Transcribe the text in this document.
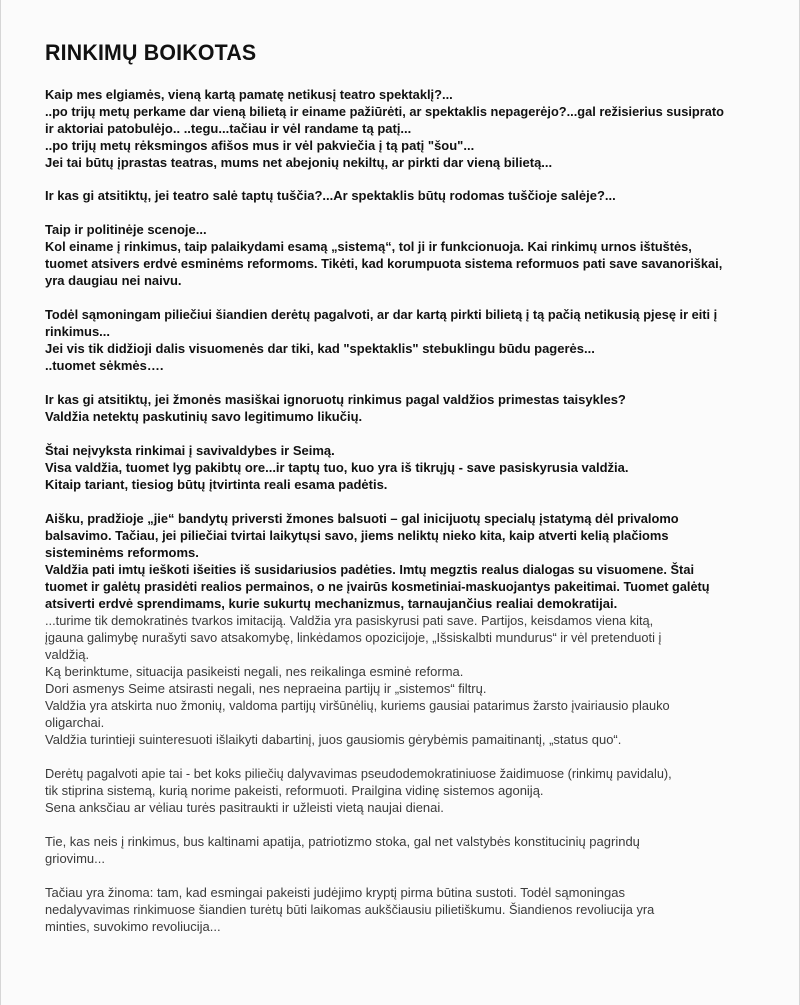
RINKIMŲ BOIKOTAS
Kaip mes elgiamės, vieną kartą pamatę netikusį teatro spektaklį?...
..po trijų metų perkame dar vieną bilietą ir einame pažiūrėti, ar spektaklis nepagerėjo?...gal režisierius susiprato
ir aktoriai patobulėjo.. ..tegu...tačiau ir vėl randame tą patį...
..po trijų metų rėksmingos afišos mus ir vėl pakviečia į tą patį "šou"...
Jei tai būtų įprastas teatras, mums net abejonių nekiltų, ar pirkti dar vieną bilietą...
Ir kas gi atsitiktų, jei teatro salė taptų tuščia?...Ar spektaklis būtų rodomas tuščioje salėje?...
Taip ir politinėje scenoje...
Kol einame į rinkimus, taip palaikydami esamą „sistemą“, tol ji ir funkcionuoja. Kai rinkimų urnos ištuštės,
tuomet atsivers erdvė esminėms reformoms. Tikėti, kad korumpuota sistema reformuos pati save savanoriškai,
yra daugiau nei naivu.
Todėl sąmoningam piliečiui šiandien derėtų pagalvoti, ar dar kartą pirkti bilietą į tą pačią netikusią pjesę ir eiti į
rinkimus...
Jei vis tik didžioji dalis visuomenės dar tiki, kad "spektaklis" stebuklingu būdu pagerės...
..tuomet sėkmės….
Ir kas gi atsitiktų, jei žmonės masiškai ignoruotų rinkimus pagal valdžios primestas taisykles?
Valdžia netektų paskutinių savo legitimumo likučių.
Štai neįvyksta rinkimai į savivaldybes ir Seimą.
Visa valdžia, tuomet lyg pakibtų ore...ir taptų tuo, kuo yra iš tikrųjų - save pasiskyrusia valdžia.
Kitaip tariant, tiesiog būtų įtvirtinta reali esama padėtis.
Aišku, pradžioje „jie“ bandytų priversti žmones balsuoti – gal inicijuotų specialų įstatymą dėl privalomo
balsavimo. Tačiau, jei piliečiai tvirtai laikytųsi savo, jiems neliktų nieko kita, kaip atverti kelią plačioms
sisteminėms reformoms.
Valdžia pati imtų ieškoti išeities iš susidariusios padėties. Imtų megztis realus dialogas su visuomene. Štai
tuomet ir galėtų prasidėti realios permainos, o ne įvairūs kosmetiniai-maskuojantys pakeitimai. Tuomet galėtų
atsiverti erdvė sprendimams, kurie sukurtų mechanizmus, tarnaujančius realiai demokratijai.
...turime tik demokratinės tvarkos imitaciją. Valdžia yra pasiskyrusi pati save. Partijos, keisdamos viena kitą,
įgauna galimybę nurašyti savo atsakomybę, linkėdamos opozicijoje, „Išsiskalbti mundurus“ ir vėl pretenduoti į
valdžią.
Ką berinktume, situacija pasikeisti negali, nes reikalinga esminė reforma.
Dori asmenys Seime atsirasti negali, nes nepraeina partijų ir „sistemos“ filtrų.
Valdžia yra atskirta nuo žmonių, valdoma partijų viršūnėlių, kuriems gausiai patarimus žarsto įvairiausio plauko
oligarchai.
Valdžia turintieji suinteresuoti išlaikyti dabartinį, juos gausiomis gėrybėmis pamaitinantį, „status quo“.
Derėtų pagalvoti apie tai - bet koks piliečių dalyvavimas pseudodemokratiniuose žaidimuose (rinkimų pavidalu),
tik stiprina sistemą, kurią norime pakeisti, reformuoti. Prailgina vidinę sistemos agoniją.
Sena anksčiau ar vėliau turės pasitraukti ir užleisti vietą naujai dienai.
Tie, kas neis į rinkimus, bus kaltinami apatija, patriotizmo stoka, gal net valstybės konstitucinių pagrindų
griovimu...
Tačiau yra žinoma: tam, kad esmingai pakeisti judėjimo kryptį pirma būtina sustoti. Todėl sąmoningas
nedalyvavimas rinkimuose šiandien turėtų būti laikomas aukščiausiu pilietiškumu. Šiandienos revoliucija yra
minties, suvokimo revoliucija...
